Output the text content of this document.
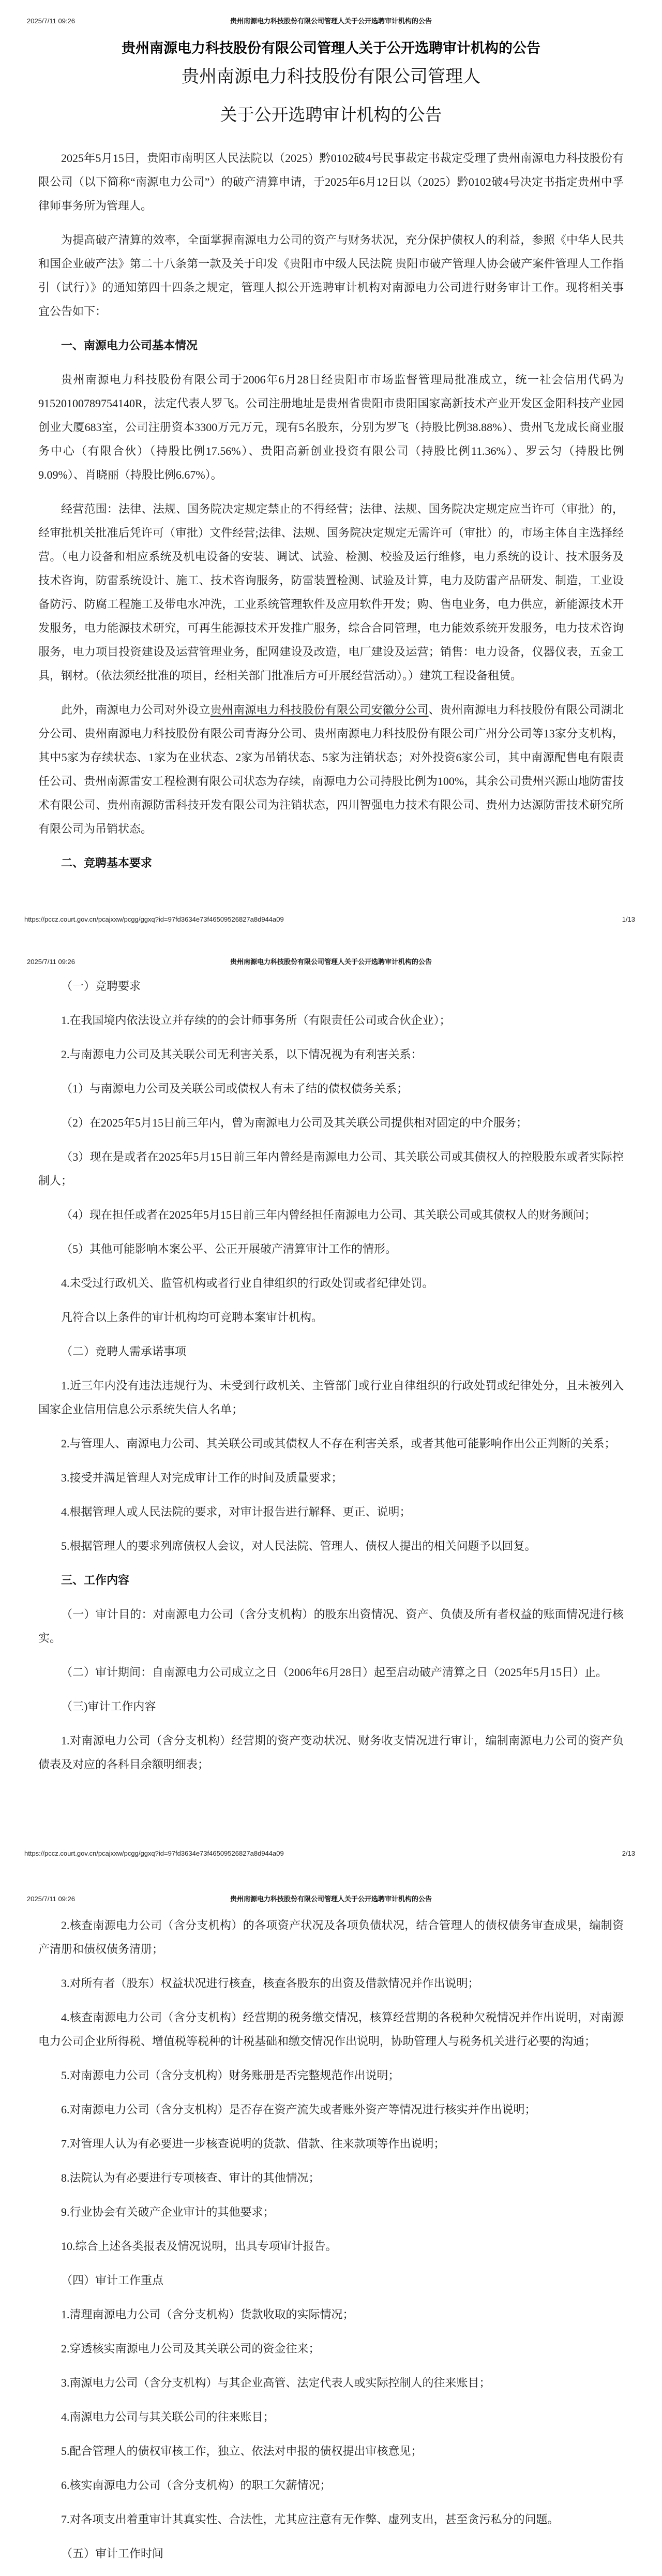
2025/7/11 09:26	贵州南源电力科技股份有限公司管理人关于公开选聘审计机构的公告
贵州南源电力科技股份有限公司管理人关于公开选聘审计机构的公告
贵州南源电力科技股份有限公司管理人
关于公开选聘审计机构的公告
2025年5月15日，贵阳市南明区人民法院以（2025）黔0102破4号民事裁定书裁定受理了贵州南源电力科技股份有限公司（以下简称“南源电力公司”）的破产清算申请，于2025年6月12日以（2025）黔0102破4号决定书指定贵州中孚律师事务所为管理人。
为提高破产清算的效率，全面掌握南源电力公司的资产与财务状况，充分保护债权人的利益，参照《中华人民共和国企业破产法》第二十八条第一款及关于印发《贵阳市中级人民法院 贵阳市破产管理人协会破产案件管理人工作指引（试行）》的通知第四十四条之规定，管理人拟公开选聘审计机构对南源电力公司进行财务审计工作。现将相关事宜公告如下：
一、南源电力公司基本情况
贵州南源电力科技股份有限公司于2006年6月28日经贵阳市市场监督管理局批准成立，统一社会信用代码为91520100789754140R，法定代表人罗飞。公司注册地址是贵州省贵阳市贵阳国家高新技术产业开发区金阳科技产业园创业大厦683室，公司注册资本3300万元万元，现有5名股东，分别为罗飞（持股比例38.88%）、贵州飞龙成长商业服务中心（有限合伙）（持股比例17.56%）、贵阳高新创业投资有限公司（持股比例11.36%）、罗云匀（持股比例9.09%）、肖晓丽（持股比例6.67%）。
经营范围：法律、法规、国务院决定规定禁止的不得经营；法律、法规、国务院决定规定应当许可（审批）的，经审批机关批准后凭许可（审批）文件经营;法律、法规、国务院决定规定无需许可（审批）的，市场主体自主选择经营。（电力设备和相应系统及机电设备的安装、调试、试验、检测、校验及运行维修，电力系统的设计、技术服务及技术咨询，防雷系统设计、施工、技术咨询服务，防雷装置检测、试验及计算，电力及防雷产品研发、制造，工业设备防污、防腐工程施工及带电水冲洗，工业系统管理软件及应用软件开发；购、售电业务，电力供应，新能源技术开发服务，电力能源技术研究，可再生能源技术开发推广服务，综合合同管理，电力能效系统开发服务，电力技术咨询服务，电力项目投资建设及运营管理业务，配网建设及改造，电厂建设及运营；销售：电力设备，仪器仪表，五金工具，钢材。（依法须经批准的项目，经相关部门批准后方可开展经营活动）。）建筑工程设备租赁。
此外，南源电力公司对外设立贵州南源电力科技股份有限公司安徽分公司、贵州南源电力科技股份有限公司湖北分公司、贵州南源电力科技股份有限公司青海分公司、贵州南源电力科技股份有限公司广州分公司等13家分支机构，其中5家为存续状态、1家为在业状态、2家为吊销状态、5家为注销状态；对外投资6家公司，其中南源配售电有限责任公司、贵州南源雷安工程检测有限公司状态为存续，南源电力公司持股比例为100%，其余公司贵州兴源山地防雷技术有限公司、贵州南源防雷科技开发有限公司为注销状态，四川智强电力技术有限公司、贵州力达源防雷技术研究所有限公司为吊销状态。
二、竞聘基本要求
https://pccz.court.gov.cn/pcajxxw/pcgg/ggxq?id=97fd3634e73f46509526827a8d944a09	1/13
2025/7/11 09:26	贵州南源电力科技股份有限公司管理人关于公开选聘审计机构的公告
（一）竞聘要求
1.在我国境内依法设立并存续的的会计师事务所（有限责任公司或合伙企业）；
2.与南源电力公司及其关联公司无利害关系，以下情况视为有利害关系：
（1）与南源电力公司及关联公司或债权人有未了结的债权债务关系；
（2）在2025年5月15日前三年内，曾为南源电力公司及其关联公司提供相对固定的中介服务；
（3）现在是或者在2025年5月15日前三年内曾经是南源电力公司、其关联公司或其债权人的控股股东或者实际控制人；
（4）现在担任或者在2025年5月15日前三年内曾经担任南源电力公司、其关联公司或其债权人的财务顾问；
（5）其他可能影响本案公平、公正开展破产清算审计工作的情形。
4.未受过行政机关、监管机构或者行业自律组织的行政处罚或者纪律处罚。
凡符合以上条件的审计机构均可竞聘本案审计机构。
（二）竞聘人需承诺事项
1.近三年内没有违法违规行为、未受到行政机关、主管部门或行业自律组织的行政处罚或纪律处分，且未被列入国家企业信用信息公示系统失信人名单；
2.与管理人、南源电力公司、其关联公司或其债权人不存在利害关系，或者其他可能影响作出公正判断的关系；
3.接受并满足管理人对完成审计工作的时间及质量要求；
4.根据管理人或人民法院的要求，对审计报告进行解释、更正、说明；
5.根据管理人的要求列席债权人会议，对人民法院、管理人、债权人提出的相关问题予以回复。
三、工作内容
（一）审计目的：对南源电力公司（含分支机构）的股东出资情况、资产、负债及所有者权益的账面情况进行核实。
（二）审计期间：自南源电力公司成立之日（2006年6月28日）起至启动破产清算之日（2025年5月15日）止。
（三)审计工作内容
1.对南源电力公司（含分支机构）经营期的资产变动状况、财务收支情况进行审计，编制南源电力公司的资产负债表及对应的各科目余额明细表；
https://pccz.court.gov.cn/pcajxxw/pcgg/ggxq?id=97fd3634e73f46509526827a8d944a09	2/13
2025/7/11 09:26	贵州南源电力科技股份有限公司管理人关于公开选聘审计机构的公告
2.核查南源电力公司（含分支机构）的各项资产状况及各项负债状况，结合管理人的债权债务审查成果，编制资产清册和债权债务清册；
3.对所有者（股东）权益状况进行核查，核查各股东的出资及借款情况并作出说明；
4.核查南源电力公司（含分支机构）经营期的税务缴交情况，核算经营期的各税种欠税情况并作出说明，对南源电力公司企业所得税、增值税等税种的计税基础和缴交情况作出说明，协助管理人与税务机关进行必要的沟通；
5.对南源电力公司（含分支机构）财务账册是否完整规范作出说明；
6.对南源电力公司（含分支机构）是否存在资产流失或者账外资产等情况进行核实并作出说明；
7.对管理人认为有必要进一步核查说明的货款、借款、往来款项等作出说明；
8.法院认为有必要进行专项核查、审计的其他情况；
9.行业协会有关破产企业审计的其他要求；
10.综合上述各类报表及情况说明，出具专项审计报告。
（四）审计工作重点
1.清理南源电力公司（含分支机构）货款收取的实际情况；
2.穿透核实南源电力公司及其关联公司的资金往来；
3.南源电力公司（含分支机构）与其企业高管、法定代表人或实际控制人的往来账目；
4.南源电力公司与其关联公司的往来账目；
5.配合管理人的债权审核工作，独立、依法对申报的债权提出审核意见；
6.核实南源电力公司（含分支机构）的职工欠薪情况；
7.对各项支出着重审计其真实性、合法性，尤其应注意有无作弊、虚列支出，甚至贪污私分的问题。
（五）审计工作时间
